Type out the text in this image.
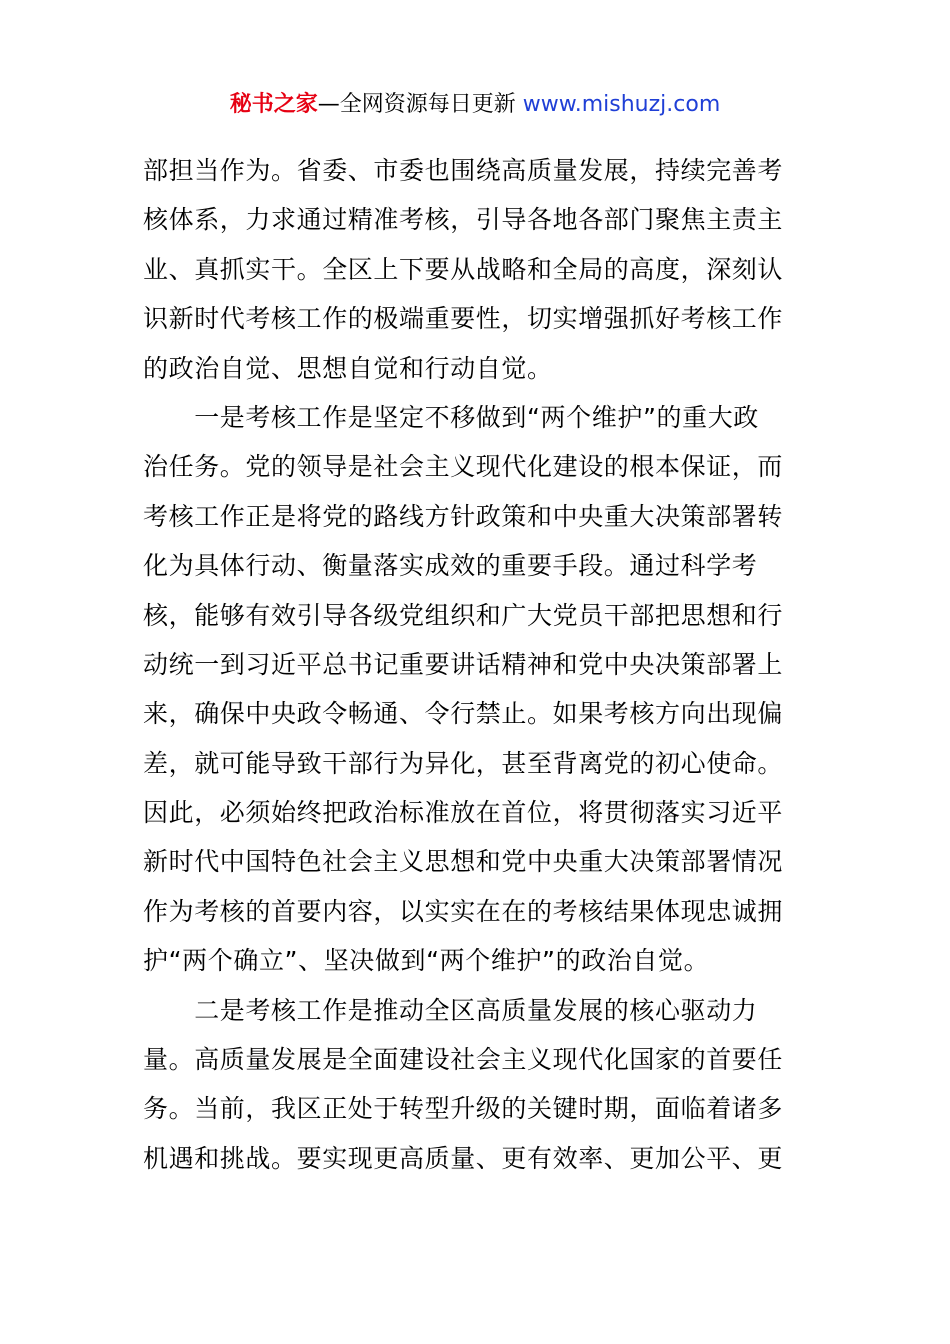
秘书之家—全网资源每日更新 www.mishuzj.com
部担当作为。省委、市委也围绕高质量发展，持续完善考
核体系，力求通过精准考核，引导各地各部门聚焦主责主
业、真抓实干。全区上下要从战略和全局的高度，深刻认
识新时代考核工作的极端重要性，切实增强抓好考核工作
的政治自觉、思想自觉和行动自觉。
　　一是考核工作是坚定不移做到“两个维护”的重大政
治任务。党的领导是社会主义现代化建设的根本保证，而
考核工作正是将党的路线方针政策和中央重大决策部署转
化为具体行动、衡量落实成效的重要手段。通过科学考
核，能够有效引导各级党组织和广大党员干部把思想和行
动统一到习近平总书记重要讲话精神和党中央决策部署上
来，确保中央政令畅通、令行禁止。如果考核方向出现偏
差，就可能导致干部行为异化，甚至背离党的初心使命。
因此，必须始终把政治标准放在首位，将贯彻落实习近平
新时代中国特色社会主义思想和党中央重大决策部署情况
作为考核的首要内容，以实实在在的考核结果体现忠诚拥
护“两个确立”、坚决做到“两个维护”的政治自觉。
　　二是考核工作是推动全区高质量发展的核心驱动力
量。高质量发展是全面建设社会主义现代化国家的首要任
务。当前，我区正处于转型升级的关键时期，面临着诸多
机遇和挑战。要实现更高质量、更有效率、更加公平、更
